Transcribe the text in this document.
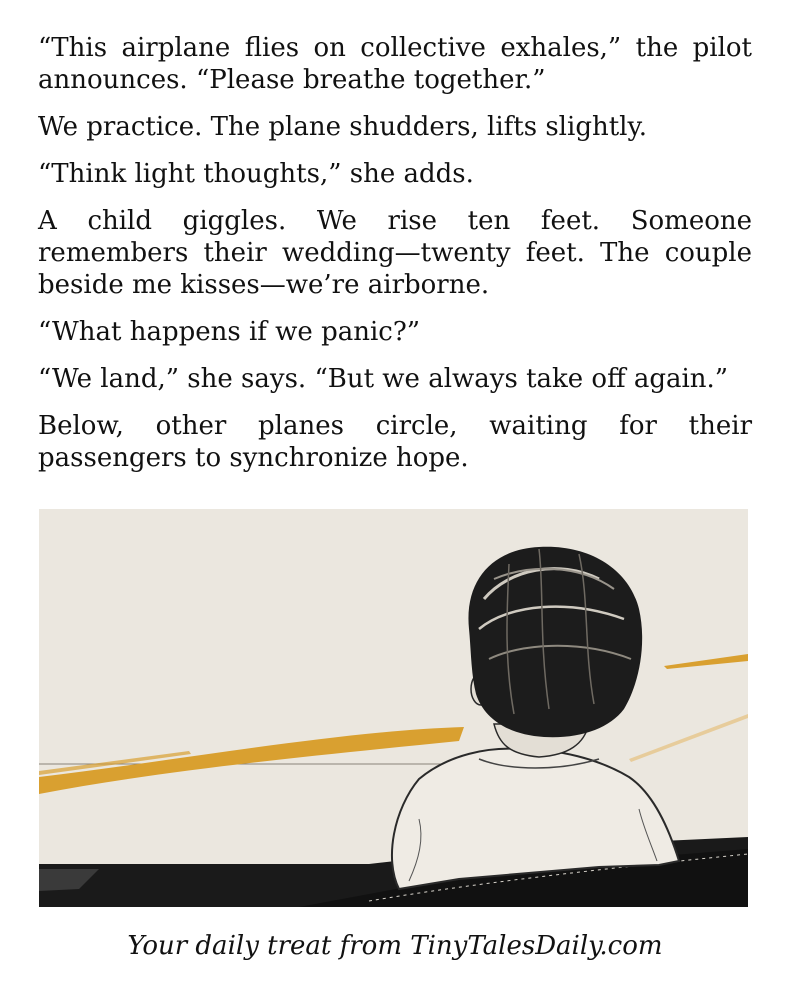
“This airplane flies on collective exhales,” the pilot announces. “Please breathe together.”

We practice. The plane shudders, lifts slightly.

“Think light thoughts,” she adds.

A child giggles. We rise ten feet. Someone remembers their wedding—twenty feet. The couple beside me kisses—we’re airborne.

“What happens if we panic?”

“We land,” she says. “But we always take off again.”

Below, other planes circle, waiting for their passengers to synchronize hope.

Your daily treat from TinyTalesDaily.com
